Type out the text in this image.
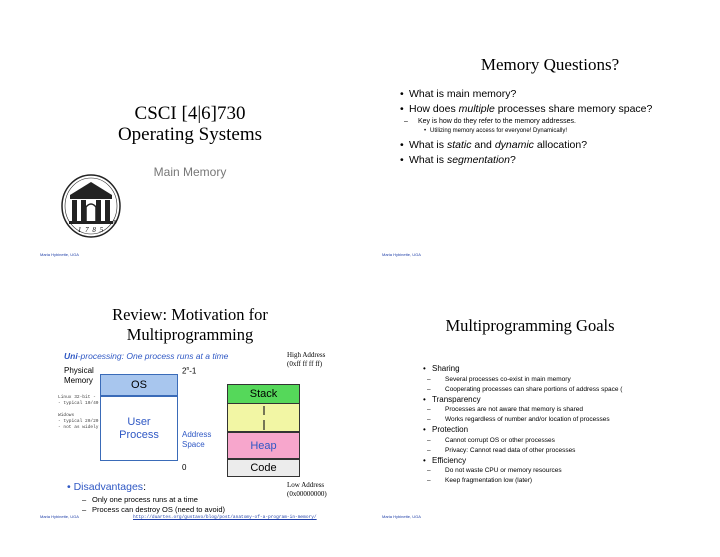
CSCI [4|6]730
Operating Systems
Main Memory
1 7 8 5
®
Maria Hybinette, UGA
Memory Questions?
• What is main memory?
• How does multiple processes share memory space?
– Key is how do they refer to the memory addresses.
• Utilizing memory access for everyone! Dynamically!
• What is static and dynamic allocation?
• What is segmentation?
Maria Hybinette, UGA
Review: Motivation for
Multiprogramming
Uni-processing: One process runs at a time
Physical
Memory
Linux 32-bit -
- typical 10/40
Widows
- typical 20/20
- not as widely
OS
User
Process
2$^n$-1
Address
Space
0
Stack
Heap
Code
High Address
(0xff ff ff ff)
Low Address
(0x00000000)
• Disadvantages:
– Only one process runs at a time
– Process can destroy OS (need to avoid)
http://duartes.org/gustavo/blog/post/anatomy-of-a-program-in-memory/
Maria Hybinette, UGA
Multiprogramming Goals
• Sharing
– Several processes co-exist in main memory
– Cooperating processes can share portions of address space (
• Transparency
– Processes are not aware that memory is shared
– Works regardless of number and/or location of processes
• Protection
– Cannot corrupt OS or other processes
– Privacy: Cannot read data of other processes
• Efficiency
– Do not waste CPU or memory resources
– Keep fragmentation low (later)
Maria Hybinette, UGA
